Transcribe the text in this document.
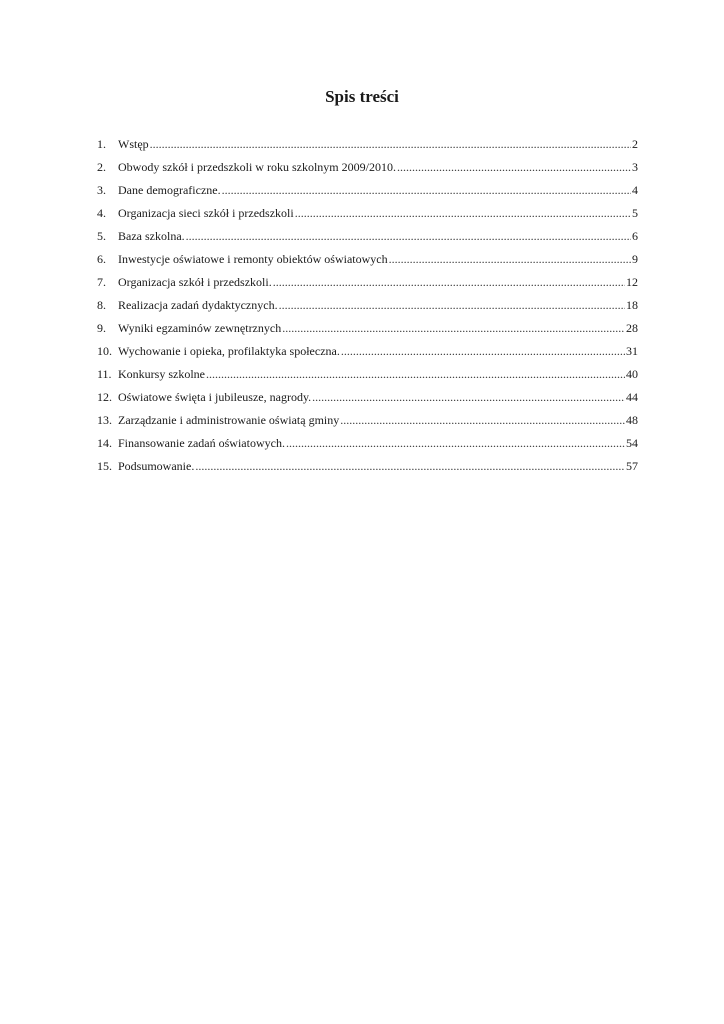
Spis treści
1.	Wstęp .....	2
2.	Obwody szkół i przedszkoli w roku szkolnym 2009/2010. .....	3
3.	Dane demograficzne. .....	4
4.	Organizacja sieci szkół i przedszkoli .....	5
5.	Baza szkolna. .....	6
6.	Inwestycje oświatowe i remonty obiektów oświatowych .....	9
7.	Organizacja szkół i przedszkoli. .....	12
8.	Realizacja zadań dydaktycznych. .....	18
9.	Wyniki egzaminów zewnętrznych .....	28
10. Wychowanie i opieka, profilaktyka społeczna. .....	31
11. Konkursy szkolne .....	40
12. Oświatowe święta i jubileusze, nagrody. .....	44
13. Zarządzanie i administrowanie oświatą gminy .....	48
14. Finansowanie zadań oświatowych. .....	54
15. Podsumowanie. .....	57
